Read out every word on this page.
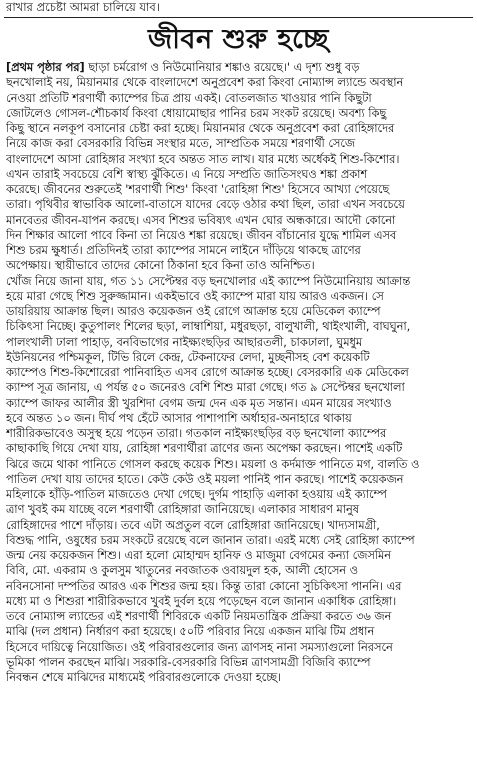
রাখার প্রচেষ্টা আমরা চালিয়ে যাব।
জীবন শুরু হচ্ছে
[প্রথম পৃষ্ঠার পর] ছাড়া চর্মরোগ ও নিউমোনিয়ার শঙ্কাও রয়েছে।' এ দৃশ্য শুধু বড়
ছনখোলাই নয়, মিয়ানমার থেকে বাংলাদেশে অনুপ্রবেশ করা কিংবা নোম্যান্স ল্যান্ডে অবস্থান
নেওয়া প্রতিটি শরণার্থী ক্যাম্পের চিত্র প্রায় একই। বোতলজাত খাওয়ার পানি কিছুটা
জোটলেও গোসল-শৌচকার্য কিংবা ধোয়ামোছার পানির চরম সংকট রয়েছে। অবশ্য কিছু
কিছু স্থানে নলকূপ বসানোর চেষ্টা করা হচ্ছে। মিয়ানমার থেকে অনুপ্রবেশ করা রোহিঙ্গাদের
নিয়ে কাজ করা বেসরকারি বিভিন্ন সংস্থার মতে, সাম্প্রতিক সময়ে শরণার্থী সেজে
বাংলাদেশে আসা রোহিঙ্গার সংখ্যা হবে অন্তত সাত লাখ। যার মধ্যে অর্ধেকই শিশু-কিশোর।
এখন তারাই সবচেয়ে বেশি স্বাস্থ্য ঝুঁকিতে। এ নিয়ে সম্প্রতি জাতিসংঘও শঙ্কা প্রকাশ
করেছে। জীবনের শুরুতেই 'শরণার্থী শিশু' কিংবা 'রোহিঙ্গা শিশু' হিসেবে আখ্যা পেয়েছে
তারা। পৃথিবীর স্বাভাবিক আলো-বাতাসে যাদের বেড়ে ওঠার কথা ছিল, তারা এখন সবচেয়ে
মানবেতর জীবন-যাপন করছে। এসব শিশুর ভবিষ্যৎ এখন ঘোর অন্ধকারে। আদৌ কোনো
দিন শিক্ষার আলো পাবে কিনা তা নিয়েও শঙ্কা রয়েছে। জীবন বাঁচানোর যুদ্ধে শামিল এসব
শিশু চরম ক্ষুধার্ত। প্রতিদিনই তারা ক্যাম্পের সামনে লাইনে দাঁড়িয়ে থাকছে ত্রাণের
অপেক্ষায়। স্থায়ীভাবে তাদের কোনো ঠিকানা হবে কিনা তাও অনিশ্চিত।
খোঁজ নিয়ে জানা যায়, গত ১১ সেপ্টেম্বর বড় ছনখোলার এই ক্যাম্পে নিউমোনিয়ায় আক্রান্ত
হয়ে মারা গেছে শিশু সুরুজ্জামান। একইভাবে ওই ক্যাম্পে মারা যায় আরও একজন। সে
ডায়রিয়ায় আক্রান্ত ছিল। আরও কয়েকজন ওই রোগে আক্রান্ত হয়ে মেডিকেল ক্যাম্পে
চিকিৎসা নিচ্ছে। কুতুপালং শিলের ছড়া, লাম্বাশিয়া, মধুরছড়া, বালুখালী, থাইংখালী, বাঘঘুনা,
পালংখালী ঢালা পাহাড়, বনবিভাগের নাইক্ষ্যংছড়ির আছারতলী, চাকঢালা, ঘুমধুম
ইউনিয়নের পশ্চিমকূল, টিভি রিলে কেন্দ্র, টেকনাফের লেদা, মুচ্ছনীসহ বেশ কয়েকটি
ক্যাম্পেও শিশু-কিশোরেরা পানিবাহিত এসব রোগে আক্রান্ত হচ্ছে। বেসরকারি এক মেডিকেল
ক্যাম্প সূত্র জানায়, এ পর্যন্ত ৫০ জনেরও বেশি শিশু মারা গেছে। গত ৯ সেপ্টেম্বর ছনখোলা
ক্যাম্পে জাফর আলীর স্ত্রী খুরশিদা বেগম জন্ম দেন এক মৃত সন্তান। এমন মায়ের সংখ্যাও
হবে অন্তত ১০ জন। দীর্ঘ পথ হেঁটে আসার পাশাপাশি অর্ধাহার-অনাহারে থাকায়
শারীরিকভাবেও অসুস্থ হয়ে পড়েন তারা। গতকাল নাইক্ষ্যংছড়ির বড় ছনখোলা ক্যাম্পের
কাছাকাছি গিয়ে দেখা যায়, রোহিঙ্গা শরণার্থীরা ত্রাণের জন্য অপেক্ষা করছেন। পাশেই একটি
ঝিরে জমে থাকা পানিতে গোসল করছে কয়েক শিশু। ময়লা ও কর্দমাক্ত পানিতে মগ, বালতি ও
পাতিল দেখা যায় তাদের হাতে। কেউ কেউ ওই ময়লা পানিই পান করছে। পাশেই কয়েকজন
মহিলাকে হাঁড়ি-পাতিল মাজতেও দেখা গেছে। দুর্গম পাহাড়ি এলাকা হওয়ায় এই ক্যাম্পে
ত্রাণ খুবই কম যাচ্ছে বলে শরণার্থী রোহিঙ্গারা জানিয়েছে। এলাকার সাধারণ মানুষ
রোহিঙ্গাদের পাশে দাঁড়ায়। তবে এটা অপ্রতুল বলে রোহিঙ্গারা জানিয়েছে। খাদ্যসামগ্রী,
বিশুদ্ধ পানি, ওষুধের চরম সংকটে রয়েছে বলে জানান তারা। এরই মধ্যে সেই রোহিঙ্গা ক্যাম্পে
জন্ম নেয় কয়েকজন শিশু। এরা হলো মোহাম্মদ হানিফ ও মাজুমা বেগমের কন্যা জেসমিন
বিবি, মো. একরাম ও কুলসুম খাতুনের নবজাতক ওবায়দুল হক, আলী হোসেন ও
নবিনসোনা দম্পতির আরও এক শিশুর জন্ম হয়। কিন্তু তারা কোনো সুচিকিৎসা পাননি। এর
মধ্যে মা ও শিশুরা শারীরিকভাবে খুবই দুর্বল হয়ে পড়েছেন বলে জানান একাধিক রোহিঙ্গা।
তবে নোম্যান্স ল্যান্ডের এই শরণার্থী শিবিরকে একটি নিয়মতান্ত্রিক প্রক্রিয়া করতে ৩৬ জন
মাঝি (দল প্রধান) নির্ধারণ করা হয়েছে। ৫০টি পরিবার নিয়ে একজন মাঝি টিম প্রধান
হিসেবে দায়িত্বে নিয়োজিত। ওই পরিবারগুলোর জন্য ত্রাণসহ নানা সমস্যাগুলো নিরসনে
ভূমিকা পালন করছেন মাঝি। সরকারি-বেসরকারি বিভিন্ন ত্রাণসামগ্রী বিজিবি ক্যাম্পে
নিবন্ধন শেষে মাঝিদের মাধ্যমেই পরিবারগুলোকে দেওয়া হচ্ছে।
